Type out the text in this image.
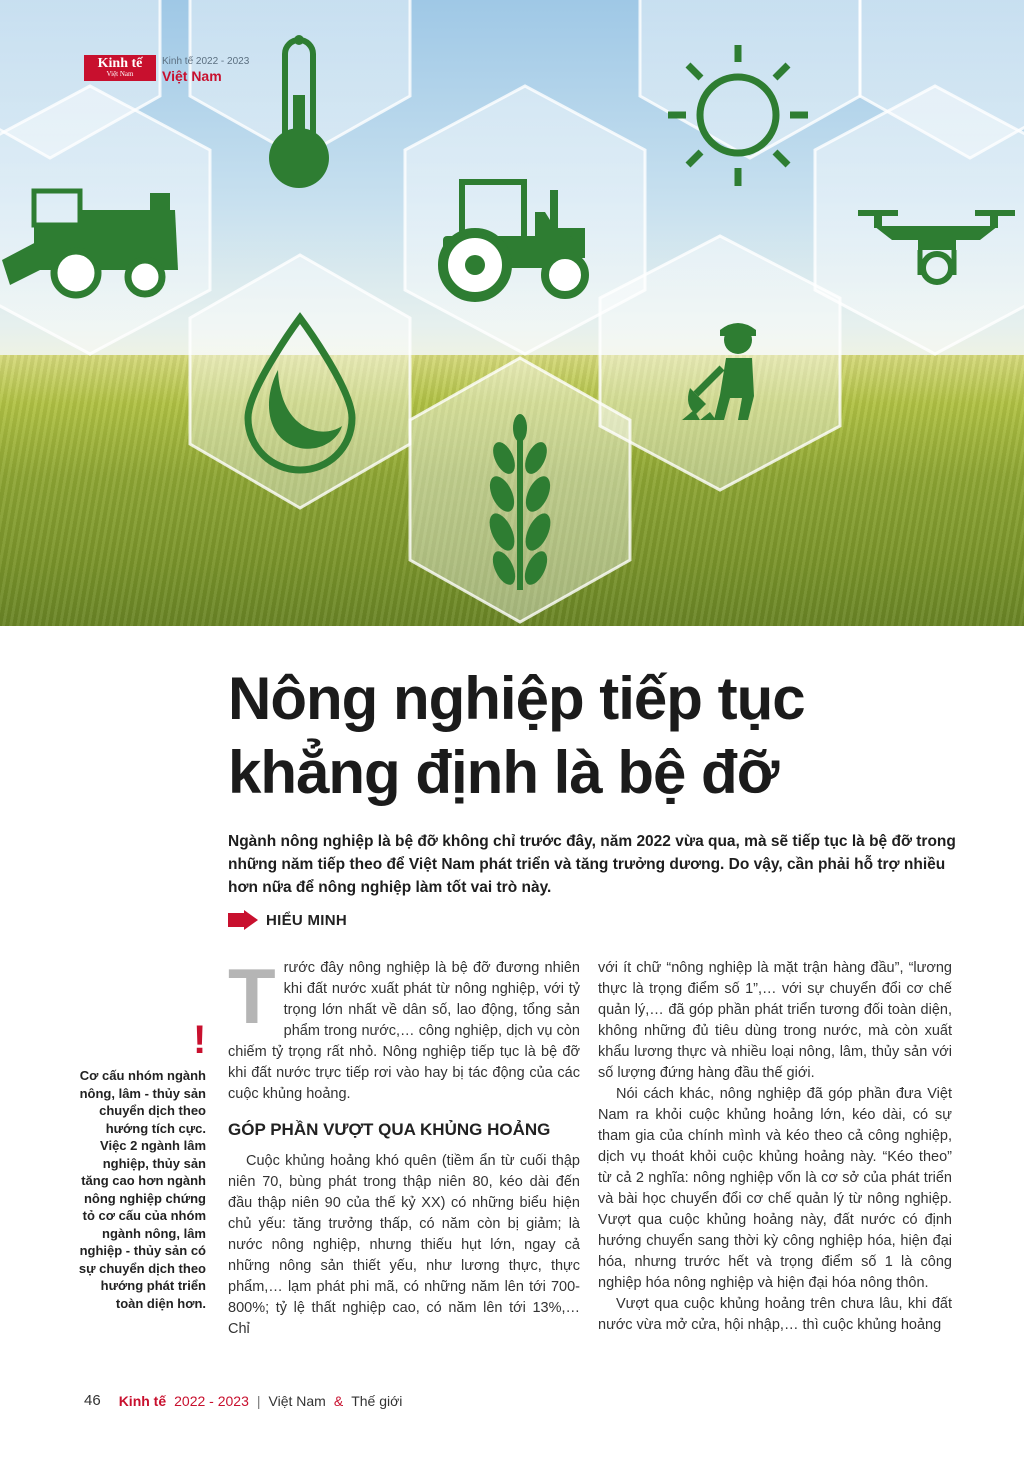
Kinh tế
Việt Nam
Kinh tế 2022 - 2023
Việt Nam
Nông nghiệp tiếp tục
khẳng định là bệ đỡ

Ngành nông nghiệp là bệ đỡ không chỉ trước đây, năm 2022 vừa qua, mà sẽ tiếp tục là bệ đỡ trong những năm tiếp theo để Việt Nam phát triển và tăng trưởng dương. Do vậy, cần phải hỗ trợ nhiều hơn nữa để nông nghiệp làm tốt vai trò này.

HIỂU MINH
!

Cơ cấu nhóm ngành nông, lâm - thủy sản chuyển dịch theo hướng tích cực. Việc 2 ngành lâm nghiệp, thủy sản tăng cao hơn ngành nông nghiệp chứng tỏ cơ cấu của nhóm ngành nông, lâm nghiệp - thủy sản có sự chuyển dịch theo hướng phát triển toàn diện hơn.

Trước đây nông nghiệp là bệ đỡ đương nhiên khi đất nước xuất phát từ nông nghiệp, với tỷ trọng lớn nhất về dân số, lao động, tổng sản phẩm trong nước,… công nghiệp, dịch vụ còn chiếm tỷ trọng rất nhỏ. Nông nghiệp tiếp tục là bệ đỡ khi đất nước trực tiếp rơi vào hay bị tác động của các cuộc khủng hoảng.

GÓP PHẦN VƯỢT QUA KHỦNG HOẢNG

Cuộc khủng hoảng khó quên (tiềm ẩn từ cuối thập niên 70, bùng phát trong thập niên 80, kéo dài đến đầu thập niên 90 của thế kỷ XX) có những biểu hiện chủ yếu: tăng trưởng thấp, có năm còn bị giảm; là nước nông nghiệp, nhưng thiếu hụt lớn, ngay cả những nông sản thiết yếu, như lương thực, thực phẩm,… lạm phát phi mã, có những năm lên tới 700-800%; tỷ lệ thất nghiệp cao, có năm lên tới 13%,… Chỉ

với ít chữ “nông nghiệp là mặt trận hàng đầu”, “lương thực là trọng điểm số 1”,… với sự chuyển đổi cơ chế quản lý,… đã góp phần phát triển tương đối toàn diện, không những đủ tiêu dùng trong nước, mà còn xuất khẩu lương thực và nhiều loại nông, lâm, thủy sản với số lượng đứng hàng đầu thế giới.

Nói cách khác, nông nghiệp đã góp phần đưa Việt Nam ra khỏi cuộc khủng hoảng lớn, kéo dài, có sự tham gia của chính mình và kéo theo cả công nghiệp, dịch vụ thoát khỏi cuộc khủng hoảng này. “Kéo theo” từ cả 2 nghĩa: nông nghiệp vốn là cơ sở của phát triển và bài học chuyển đổi cơ chế quản lý từ nông nghiệp. Vượt qua cuộc khủng hoảng này, đất nước có định hướng chuyển sang thời kỳ công nghiệp hóa, hiện đại hóa, nhưng trước hết và trọng điểm số 1 là công nghiệp hóa nông nghiệp và hiện đại hóa nông thôn.

Vượt qua cuộc khủng hoảng trên chưa lâu, khi đất nước vừa mở cửa, hội nhập,… thì cuộc khủng hoảng

46 Kinh tế 2022 - 2023 | Việt Nam & Thế giới
